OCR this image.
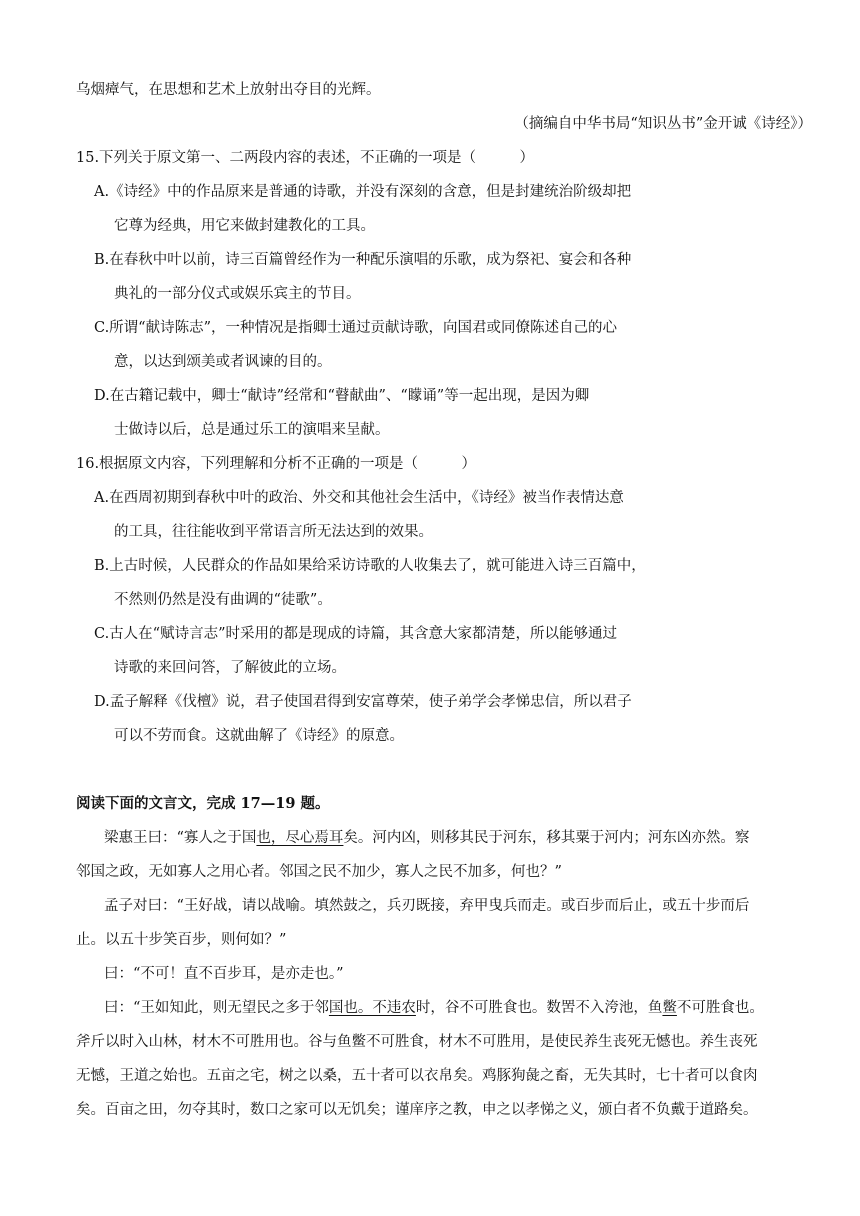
乌烟瘴气，在思想和艺术上放射出夺目的光辉。
（摘编自中华书局“知识丛书”金开诚《诗经》）
15.下列关于原文第一、二两段内容的表述，不正确的一项是（　　　）
A.《诗经》中的作品原来是普通的诗歌，并没有深刻的含意，但是封建统治阶级却把
它尊为经典，用它来做封建教化的工具。
B.在春秋中叶以前，诗三百篇曾经作为一种配乐演唱的乐歌，成为祭祀、宴会和各种
典礼的一部分仪式或娱乐宾主的节目。
C.所谓“献诗陈志”，一种情况是指卿士通过贡献诗歌，向国君或同僚陈述自己的心
意，以达到颂美或者讽谏的目的。
D.在古籍记载中，卿士“献诗”经常和“瞽献曲”、“矇诵”等一起出现，是因为卿
士做诗以后，总是通过乐工的演唱来呈献。
16.根据原文内容，下列理解和分析不正确的一项是（　　　）
A.在西周初期到春秋中叶的政治、外交和其他社会生活中，《诗经》被当作表情达意
的工具，往往能收到平常语言所无法达到的效果。
B.上古时候，人民群众的作品如果给采访诗歌的人收集去了，就可能进入诗三百篇中，
不然则仍然是没有曲调的“徒歌”。
C.古人在“赋诗言志”时采用的都是现成的诗篇，其含意大家都清楚，所以能够通过
诗歌的来回问答，了解彼此的立场。
D.孟子解释《伐檀》说，君子使国君得到安富尊荣，使子弟学会孝悌忠信，所以君子
可以不劳而食。这就曲解了《诗经》的原意。
阅读下面的文言文，完成 17—19 题。
梁惠王曰：“寡人之于国也，尽心焉耳矣。河内凶，则移其民于河东，移其粟于河内；河东凶亦然。察
邻国之政，无如寡人之用心者。邻国之民不加少，寡人之民不加多，何也？”
孟子对曰：“王好战，请以战喻。填然鼓之，兵刃既接，弃甲曳兵而走。或百步而后止，或五十步而后
止。以五十步笑百步，则何如？”
曰：“不可！直不百步耳，是亦走也。”
曰：“王如知此，则无望民之多于邻国也。不违农时，谷不可胜食也。数罟不入洿池，鱼鳖不可胜食也。
斧斤以时入山林，材木不可胜用也。谷与鱼鳖不可胜食，材木不可胜用，是使民养生丧死无憾也。养生丧死
无憾，王道之始也。五亩之宅，树之以桑，五十者可以衣帛矣。鸡豚狗彘之畜，无失其时，七十者可以食肉
矣。百亩之田，勿夺其时，数口之家可以无饥矣；谨庠序之教，申之以孝悌之义，颁白者不负戴于道路矣。
